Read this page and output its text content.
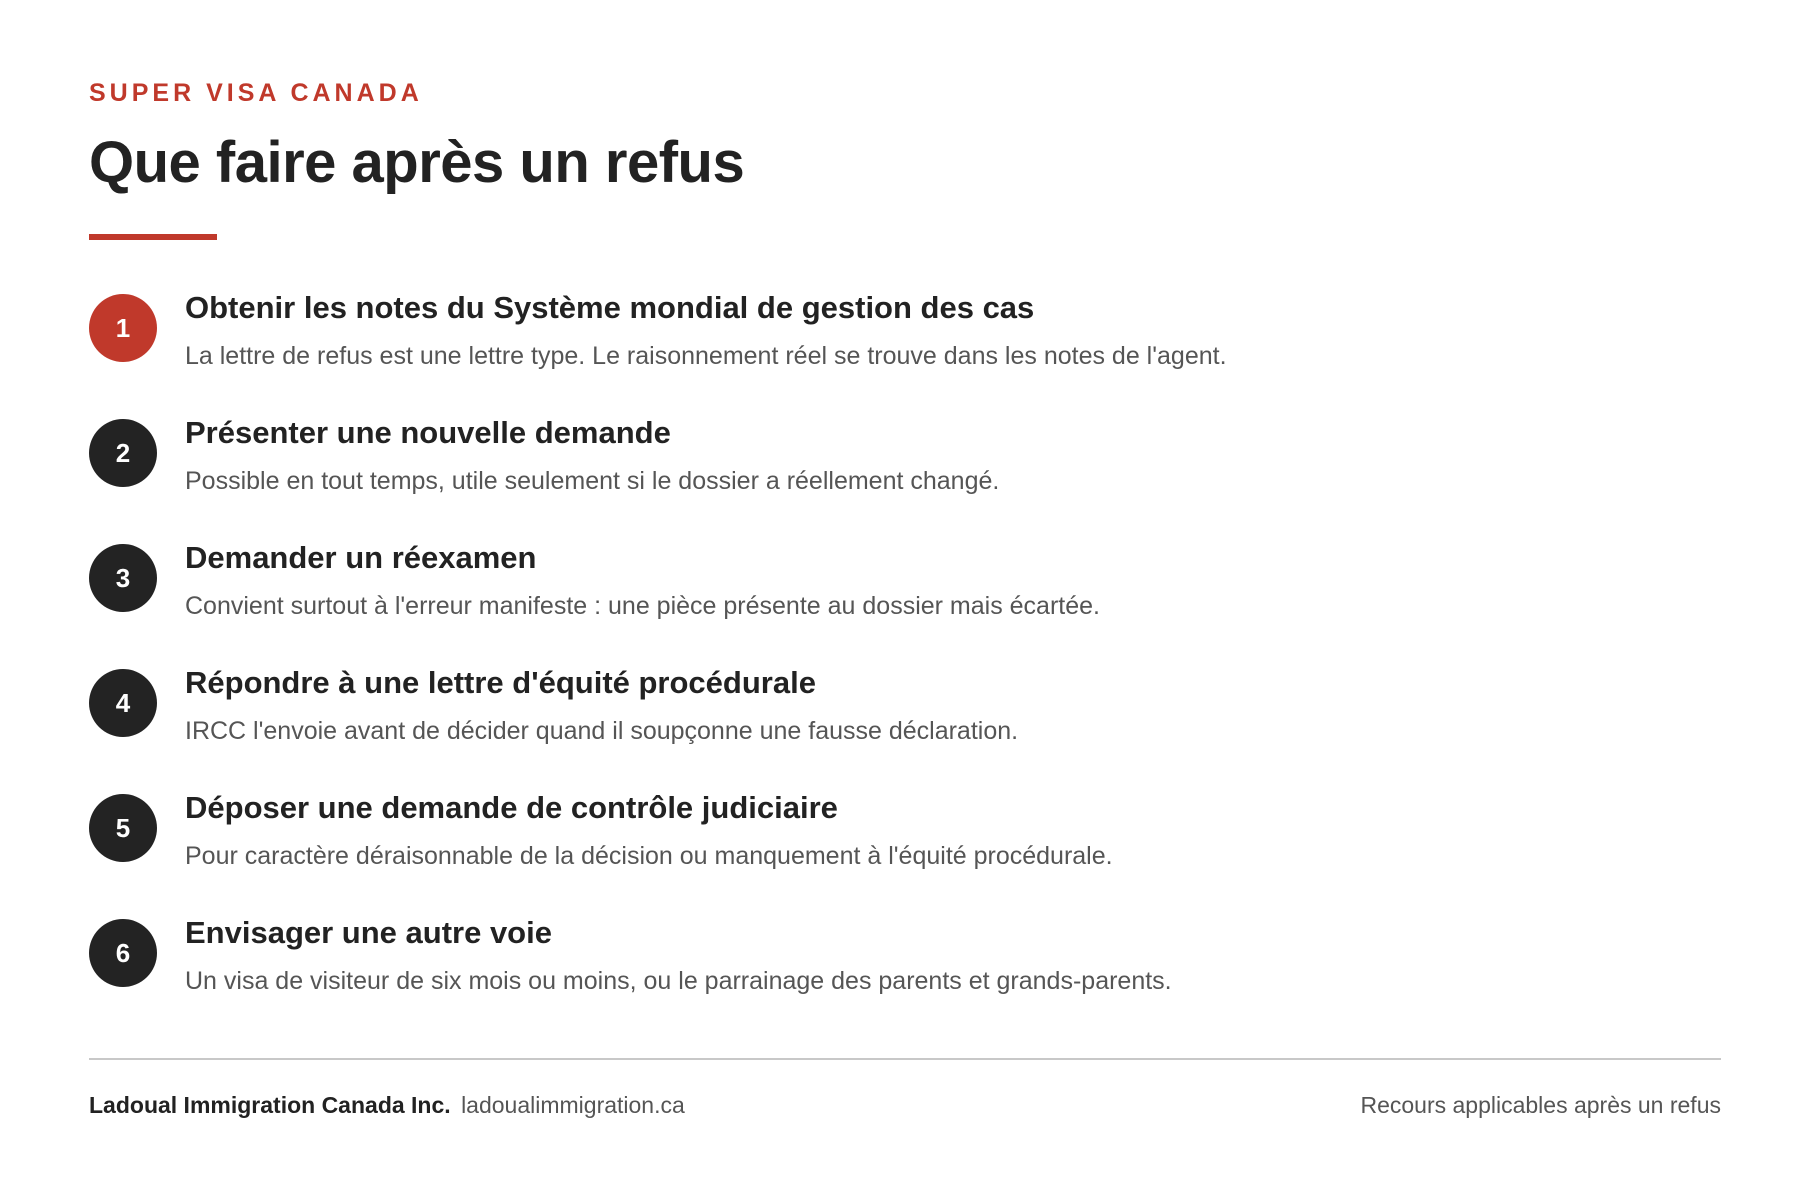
SUPER VISA CANADA
Que faire après un refus
1
Obtenir les notes du Système mondial de gestion des cas
La lettre de refus est une lettre type. Le raisonnement réel se trouve dans les notes de l'agent.
2
Présenter une nouvelle demande
Possible en tout temps, utile seulement si le dossier a réellement changé.
3
Demander un réexamen
Convient surtout à l'erreur manifeste : une pièce présente au dossier mais écartée.
4
Répondre à une lettre d'équité procédurale
IRCC l'envoie avant de décider quand il soupçonne une fausse déclaration.
5
Déposer une demande de contrôle judiciaire
Pour caractère déraisonnable de la décision ou manquement à l'équité procédurale.
6
Envisager une autre voie
Un visa de visiteur de six mois ou moins, ou le parrainage des parents et grands-parents.
Ladoual Immigration Canada Inc. ladoualimmigration.ca	Recours applicables après un refus
